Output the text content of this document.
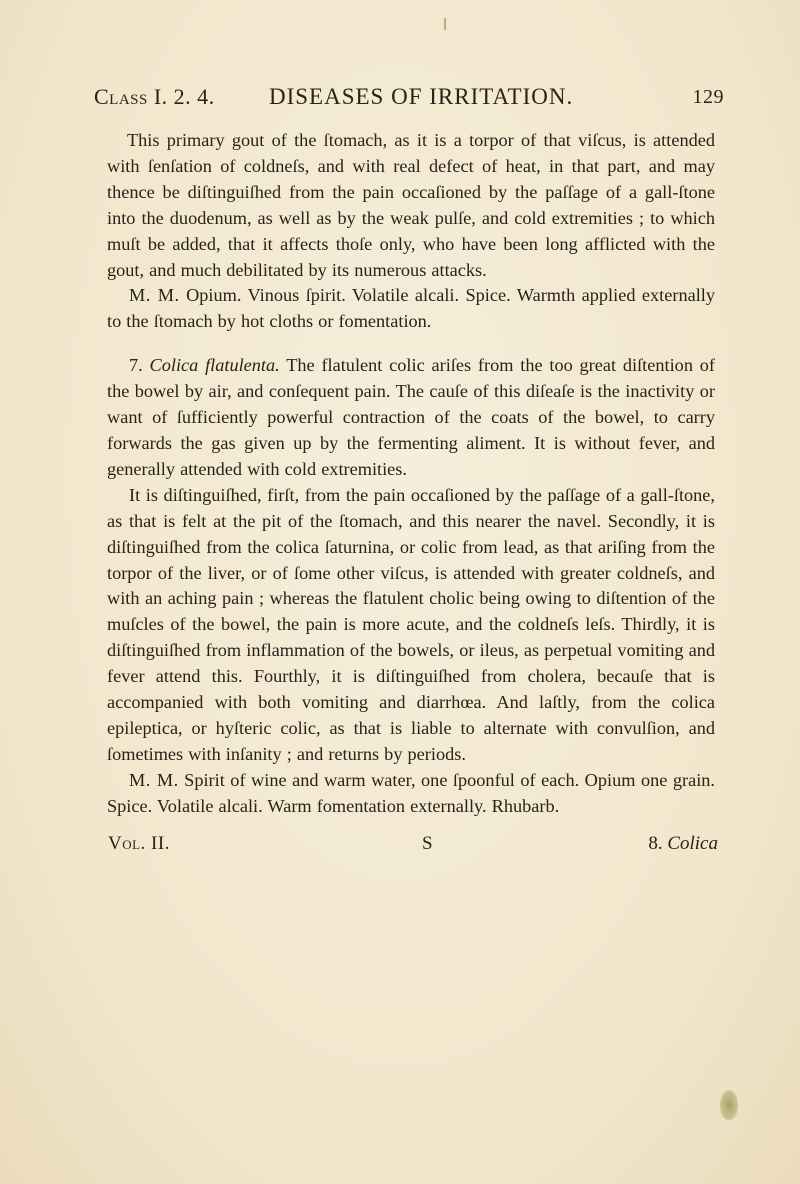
Class I. 2. 4. DISEASES OF IRRITATION.	129

This primary gout of the ſtomach, as it is a torpor of that viſcus, is attended with ſenſation of coldneſs, and with real defect of heat, in that part, and may thence be diſtinguiſhed from the pain occaſioned by the paſſage of a gall-ſtone into the duodenum, as well as by the weak pulſe, and cold extremities ; to which muſt be added, that it affects thoſe only, who have been long afflicted with the gout, and much debilitated by its numerous attacks.

M. M. Opium. Vinous ſpirit. Volatile alcali. Spice. Warmth applied externally to the ſtomach by hot cloths or fomentation.

7. Colica flatulenta. The flatulent colic ariſes from the too great diſtention of the bowel by air, and conſequent pain. The cauſe of this diſeaſe is the inactivity or want of ſufficiently powerful contraction of the coats of the bowel, to carry forwards the gas given up by the fermenting aliment. It is without fever, and generally attended with cold extremities.

It is diſtinguiſhed, firſt, from the pain occaſioned by the paſſage of a gall-ſtone, as that is felt at the pit of the ſtomach, and this nearer the navel. Secondly, it is diſtinguiſhed from the colica ſaturnina, or colic from lead, as that ariſing from the torpor of the liver, or of ſome other viſcus, is attended with greater coldneſs, and with an aching pain ; whereas the flatulent cholic being owing to diſtention of the muſcles of the bowel, the pain is more acute, and the coldneſs leſs. Thirdly, it is diſtinguiſhed from inflammation of the bowels, or ileus, as perpetual vomiting and fever attend this. Fourthly, it is diſtinguiſhed from cholera, becauſe that is accompanied with both vomiting and diarrhœa. And laſtly, from the colica epileptica, or hyſteric colic, as that is liable to alternate with convulſion, and ſometimes with inſanity ; and returns by periods.

M. M. Spirit of wine and warm water, one ſpoonful of each. Opium one grain. Spice. Volatile alcali. Warm fomentation externally. Rhubarb.

Vol. II.	S	8. Colica
